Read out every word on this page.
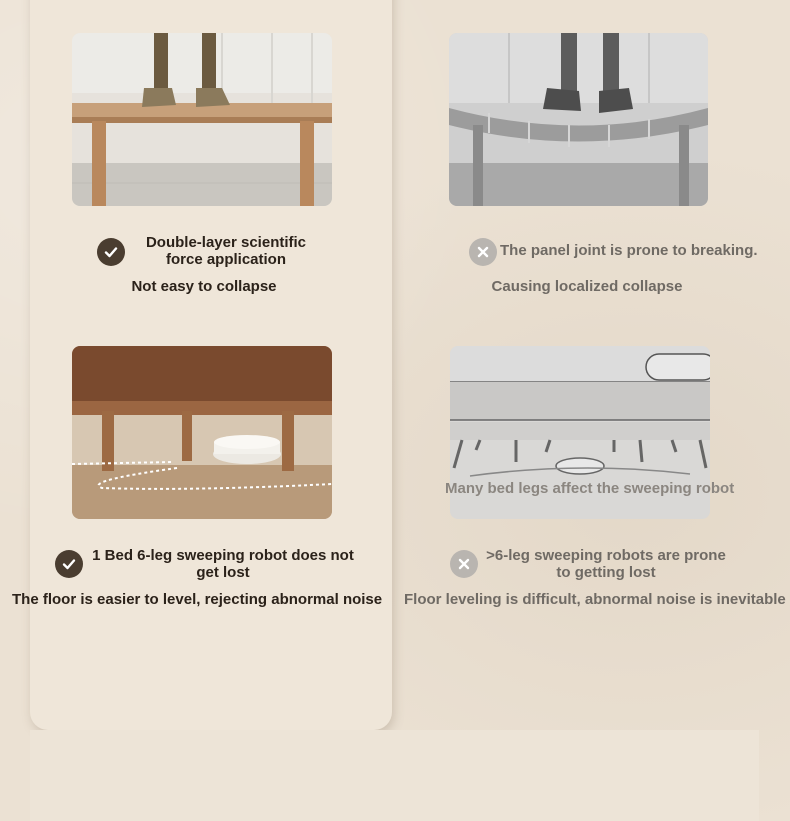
Many bed legs affect the sweeping robot
Double-layer scientific force application
Not easy to collapse
The panel joint is prone to breaking.
Causing localized collapse
1 Bed 6-leg sweeping robot does not get lost
The floor is easier to level, rejecting abnormal noise
>6-leg sweeping robots are prone to getting lost
Floor leveling is difficult, abnormal noise is inevitable
